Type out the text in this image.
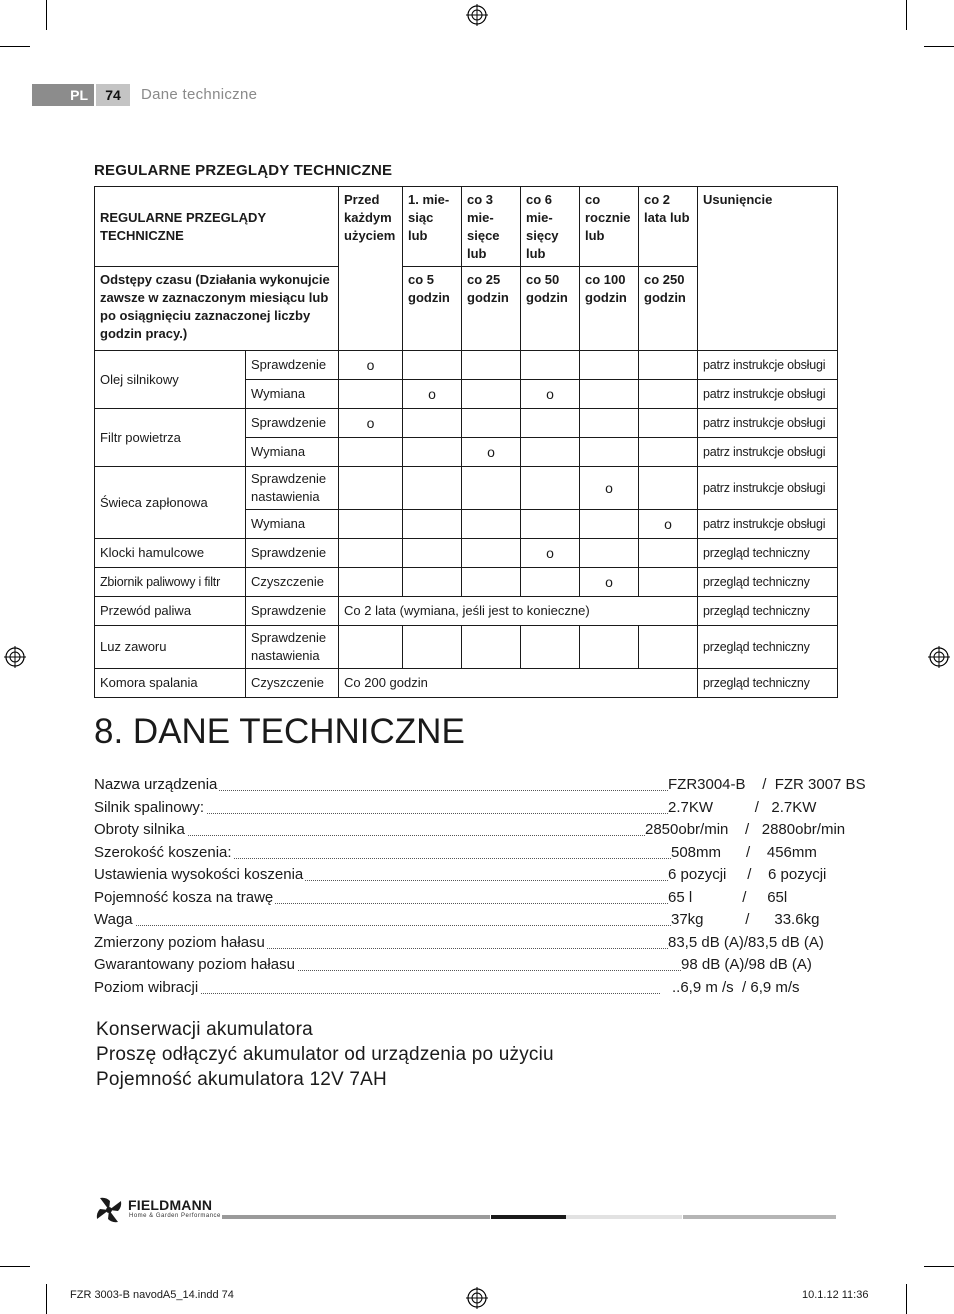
PL	74	Dane techniczne
REGULARNE PRZEGLĄDY TECHNICZNE
REGULARNE PRZEGLĄDY TECHNICZNE		Przed każdym użyciem	1. mie-siąc lub	co 3 mie-sięce lub	co 6 mie-sięcy lub	co rocznie lub	co 2 lata lub	Usunięncie
Odstępy czasu (Działania wykonujcie zawsze w zaznaczonym miesiącu lub po osiągnięciu zaznaczonej liczby godzin pracy.)			co 5 godzin	co 25 godzin	co 50 godzin	co 100 godzin	co 250 godzin	
Olej silnikowy	Sprawdzenie	o						patrz instrukcje obsługi
	Wymiana		o		o			patrz instrukcje obsługi
Filtr powietrza	Sprawdzenie	o						patrz instrukcje obsługi
	Wymiana			o				patrz instrukcje obsługi
Świeca zapłonowa	Sprawdzenie nastawienia					o		patrz instrukcje obsługi
	Wymiana						o	patrz instrukcje obsługi
Klocki hamulcowe	Sprawdzenie				o			przegląd techniczny
Zbiornik paliwowy i filtr	Czyszczenie					o		przegląd techniczny
Przewód paliwa	Sprawdzenie	Co 2 lata (wymiana, jeśli jest to konieczne)						przegląd techniczny
Luz zaworu	Sprawdzenie nastawienia							przegląd techniczny
Komora spalania	Czyszczenie	Co 200 godzin						przegląd techniczny
8. DANE TECHNICZNE
Nazwa urządzenia	FZR3004-B    /  FZR 3007 BS
Silnik spalinowy:	2.7KW          /   2.7KW
Obroty silnika	2850obr/min    /   2880obr/min
Szerokość koszenia:	508mm      /    456mm
Ustawienia wysokości koszenia	6 pozycji     /    6 pozycji
Pojemność kosza na trawę	65 l            /     65l
Waga	37kg          /      33.6kg
Zmierzony poziom hałasu	83,5 dB (A)/83,5 dB (A)
Gwarantowany poziom hałasu	98 dB (A)/98 dB (A)
Poziom wibracji	..6,9 m /s  / 6,9 m/s
Konserwacji akumulatora
Proszę odłączyć akumulator od urządzenia po użyciu
Pojemność akumulatora 12V 7AH
FIELDMANN
Home & Garden Performance
FZR 3003-B navodA5_14.indd 74	10.1.12 11:36
